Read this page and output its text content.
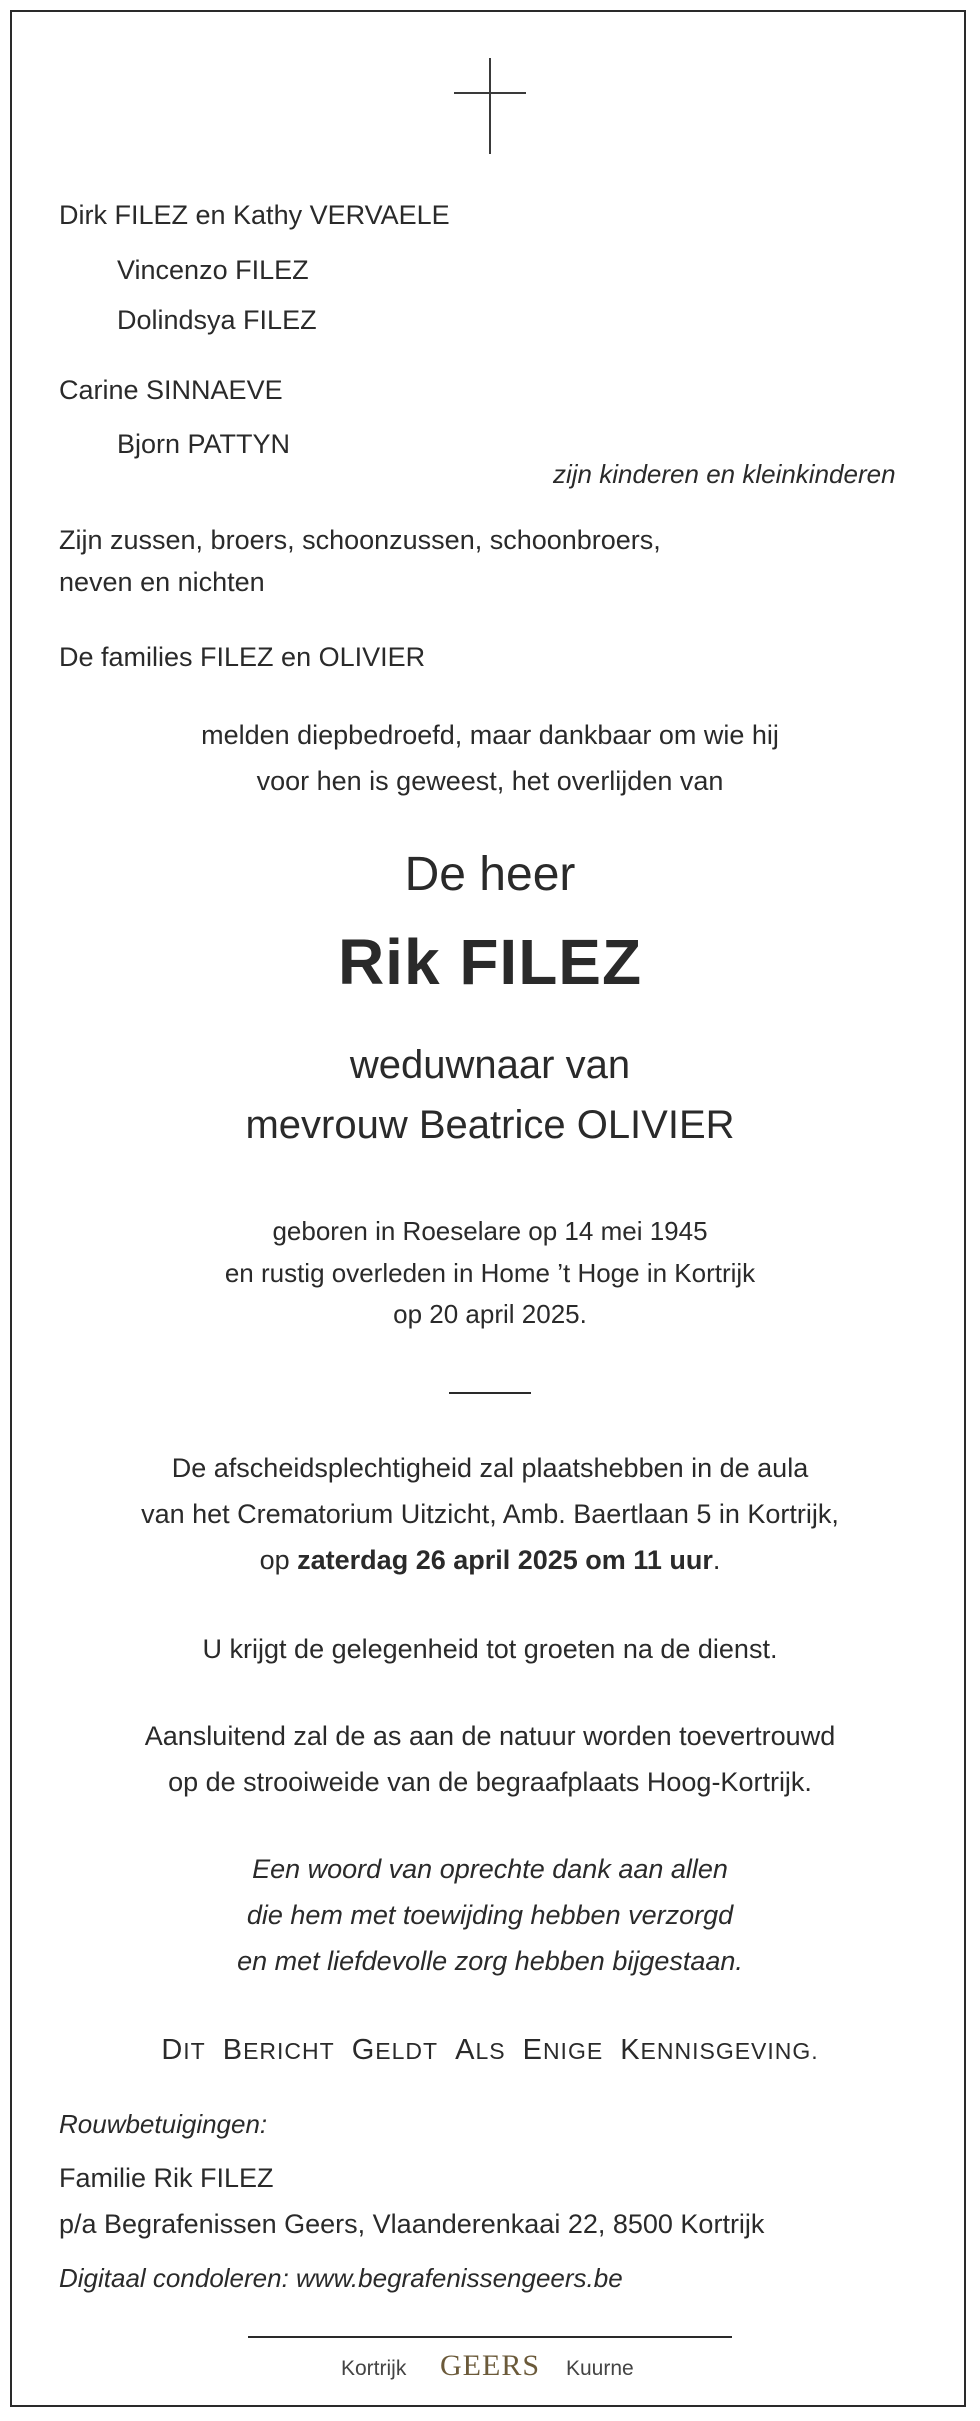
Dirk FILEZ en Kathy VERVAELE
Vincenzo FILEZ
Dolindsya FILEZ
Carine SINNAEVE
Bjorn PATTYN
zijn kinderen en kleinkinderen
Zijn zussen, broers, schoonzussen, schoonbroers,
neven en nichten
De families FILEZ en OLIVIER
melden diepbedroefd, maar dankbaar om wie hij
voor hen is geweest, het overlijden van
De heer
Rik FILEZ
weduwnaar van
mevrouw Beatrice OLIVIER
geboren in Roeselare op 14 mei 1945
en rustig overleden in Home ’t Hoge in Kortrijk
op 20 april 2025.
De afscheidsplechtigheid zal plaatshebben in de aula
van het Crematorium Uitzicht, Amb. Baertlaan 5 in Kortrijk,
op zaterdag 26 april 2025 om 11 uur.
U krijgt de gelegenheid tot groeten na de dienst.
Aansluitend zal de as aan de natuur worden toevertrouwd
op de strooiweide van de begraafplaats Hoog-Kortrijk.
Een woord van oprechte dank aan allen
die hem met toewijding hebben verzorgd
en met liefdevolle zorg hebben bijgestaan.
DIT BERICHT GELDT ALS ENIGE KENNISGEVING.
Rouwbetuigingen:
Familie Rik FILEZ
p/a Begrafenissen Geers, Vlaanderenkaai 22, 8500 Kortrijk
Digitaal condoleren: www.begrafenissengeers.be
Kortrijk GEERS Kuurne
